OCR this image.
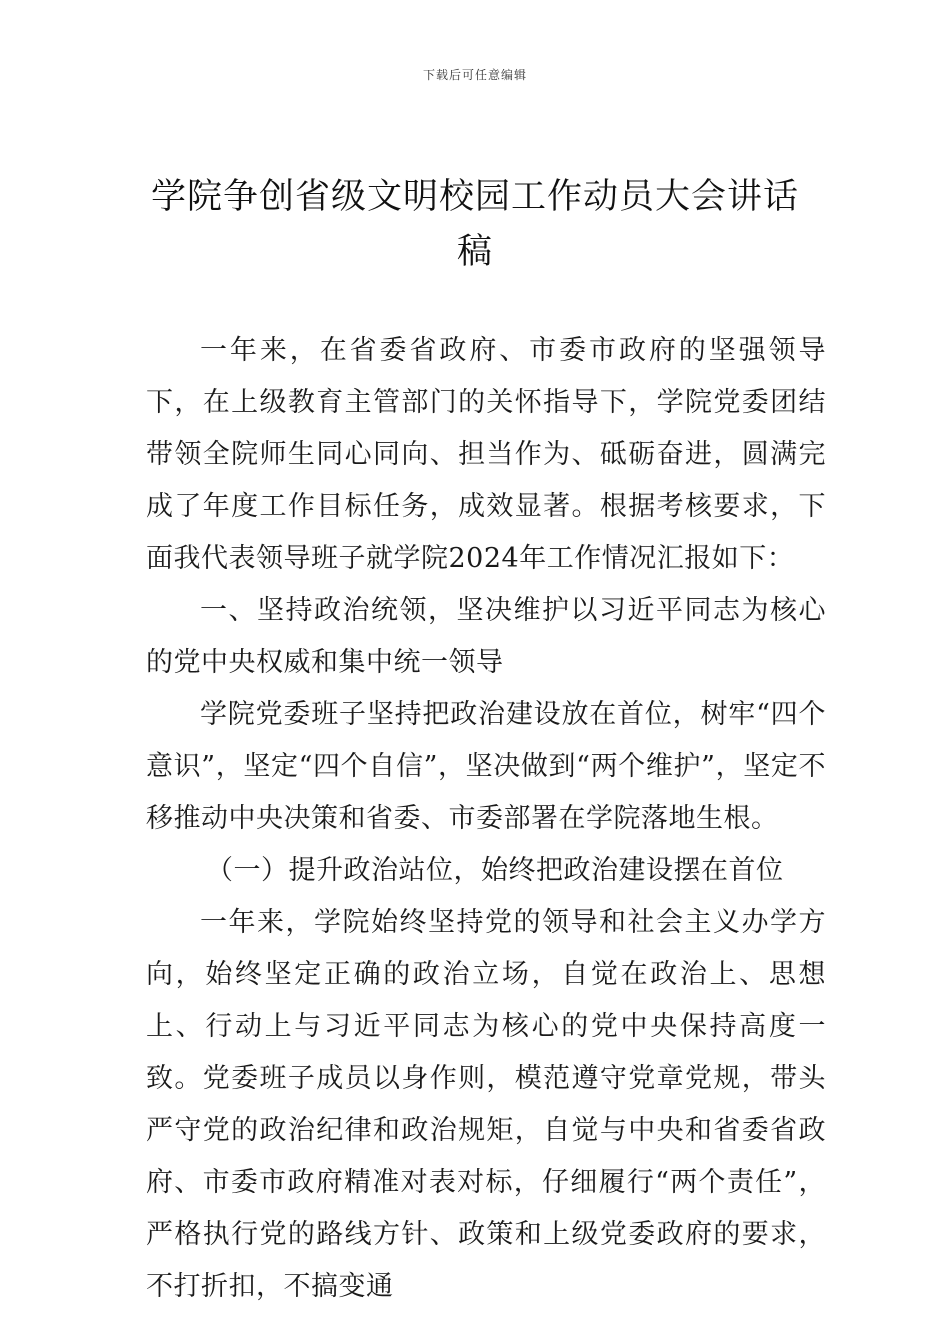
下载后可任意编辑
学院争创省级文明校园工作动员大会讲话
稿

一年来，在省委省政府、市委市政府的坚强领导下，在上级教育主管部门的关怀指导下，学院党委团结带领全院师生同心同向、担当作为、砥砺奋进，圆满完成了年度工作目标任务，成效显著。根据考核要求，下面我代表领导班子就学院2024年工作情况汇报如下：

一、坚持政治统领，坚决维护以习近平同志为核心的党中央权威和集中统一领导

学院党委班子坚持把政治建设放在首位，树牢“四个意识”，坚定“四个自信”，坚决做到“两个维护”，坚定不移推动中央决策和省委、市委部署在学院落地生根。

（一）提升政治站位，始终把政治建设摆在首位

一年来，学院始终坚持党的领导和社会主义办学方向，始终坚定正确的政治立场，自觉在政治上、思想上、行动上与习近平同志为核心的党中央保持高度一致。党委班子成员以身作则，模范遵守党章党规，带头严守党的政治纪律和政治规矩，自觉与中央和省委省政府、市委市政府精准对表对标，仔细履行“两个责任”，严格执行党的路线方针、政策和上级党委政府的要求，不打折扣，不搞变通
